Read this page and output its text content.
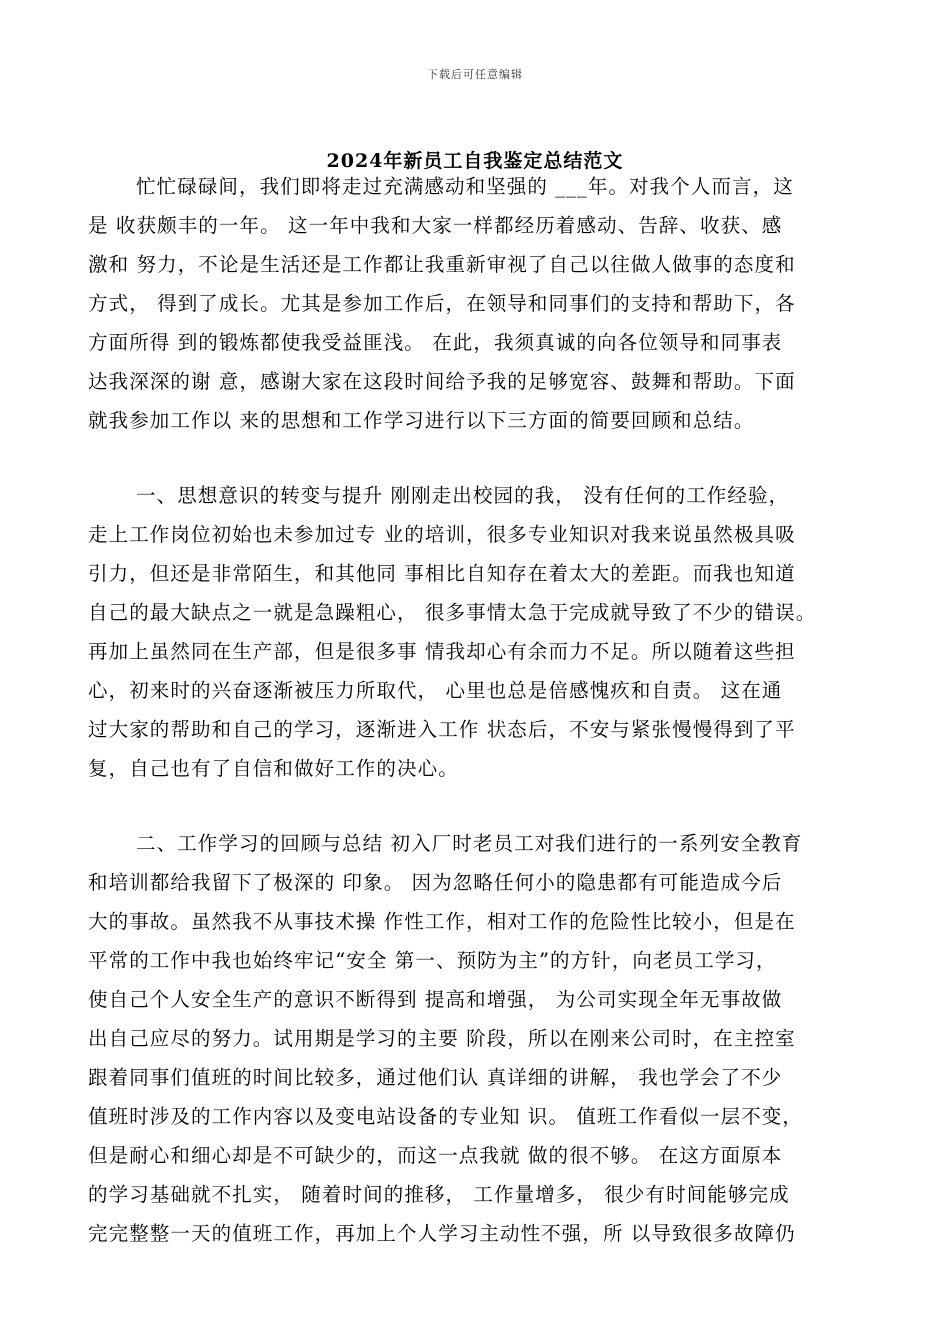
下载后可任意编辑
2024年新员工自我鉴定总结范文
忙忙碌碌间，我们即将走过充满感动和坚强的 ___年。对我个人而言，这
是 收获颇丰的一年。 这一年中我和大家一样都经历着感动、告辞、收获、感
激和 努力，不论是生活还是工作都让我重新审视了自己以往做人做事的态度和
方式， 得到了成长。尤其是参加工作后，在领导和同事们的支持和帮助下，各
方面所得 到的锻炼都使我受益匪浅。 在此，我须真诚的向各位领导和同事表
达我深深的谢 意，感谢大家在这段时间给予我的足够宽容、鼓舞和帮助。下面
就我参加工作以 来的思想和工作学习进行以下三方面的简要回顾和总结。
一、思想意识的转变与提升 刚刚走出校园的我， 没有任何的工作经验，
走上工作岗位初始也未参加过专 业的培训，很多专业知识对我来说虽然极具吸
引力，但还是非常陌生，和其他同 事相比自知存在着太大的差距。而我也知道
自己的最大缺点之一就是急躁粗心， 很多事情太急于完成就导致了不少的错误。
再加上虽然同在生产部，但是很多事 情我却心有余而力不足。所以随着这些担
心，初来时的兴奋逐渐被压力所取代， 心里也总是倍感愧疚和自责。 这在通
过大家的帮助和自己的学习，逐渐进入工作 状态后，不安与紧张慢慢得到了平
复，自己也有了自信和做好工作的决心。
二、工作学习的回顾与总结 初入厂时老员工对我们进行的一系列安全教育
和培训都给我留下了极深的 印象。 因为忽略任何小的隐患都有可能造成今后
大的事故。虽然我不从事技术操 作性工作，相对工作的危险性比较小，但是在
平常的工作中我也始终牢记“安全 第一、预防为主”的方针，向老员工学习，
使自己个人安全生产的意识不断得到 提高和增强， 为公司实现全年无事故做
出自己应尽的努力。试用期是学习的主要 阶段，所以在刚来公司时，在主控室
跟着同事们值班的时间比较多，通过他们认 真详细的讲解， 我也学会了不少
值班时涉及的工作内容以及变电站设备的专业知 识。 值班工作看似一层不变，
但是耐心和细心却是不可缺少的，而这一点我就 做的很不够。 在这方面原本
的学习基础就不扎实， 随着时间的推移， 工作量增多， 很少有时间能够完成
完完整整一天的值班工作，再加上个人学习主动性不强，所 以导致很多故障仍
